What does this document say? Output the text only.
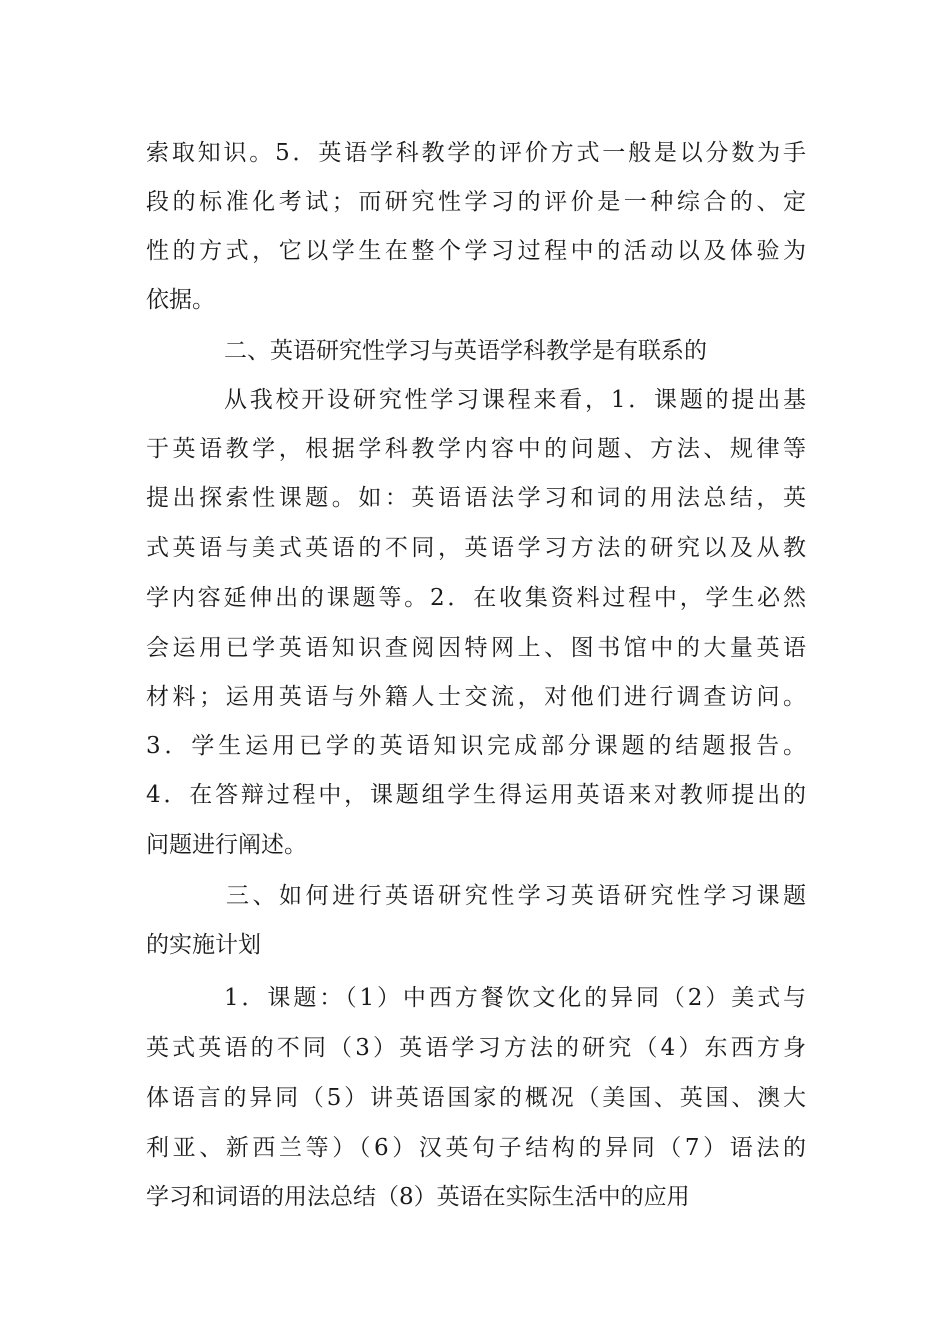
索取知识。5．英语学科教学的评价方式一般是以分数为手
段的标准化考试；而研究性学习的评价是一种综合的、定
性的方式，它以学生在整个学习过程中的活动以及体验为
依据。
二、英语研究性学习与英语学科教学是有联系的
从我校开设研究性学习课程来看，1．课题的提出基
于英语教学，根据学科教学内容中的问题、方法、规律等
提出探索性课题。如：英语语法学习和词的用法总结，英
式英语与美式英语的不同，英语学习方法的研究以及从教
学内容延伸出的课题等。2．在收集资料过程中，学生必然
会运用已学英语知识查阅因特网上、图书馆中的大量英语
材料；运用英语与外籍人士交流，对他们进行调查访问。
3．学生运用已学的英语知识完成部分课题的结题报告。
4．在答辩过程中，课题组学生得运用英语来对教师提出的
问题进行阐述。
三、如何进行英语研究性学习英语研究性学习课题
的实施计划
1．课题：（1）中西方餐饮文化的异同（2）美式与
英式英语的不同（3）英语学习方法的研究（4）东西方身
体语言的异同（5）讲英语国家的概况（美国、英国、澳大
利亚、新西兰等）（6）汉英句子结构的异同（7）语法的
学习和词语的用法总结（8）英语在实际生活中的应用
